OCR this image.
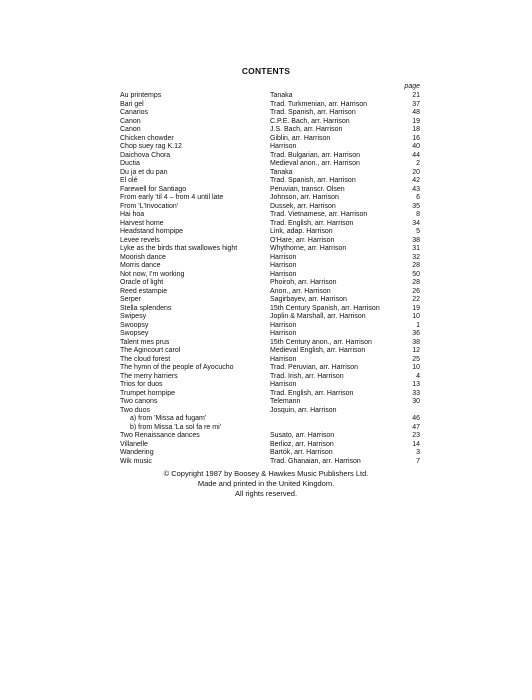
CONTENTS
page
Au printemps	Tanaka	21
Bari gel	Trad. Turkmenian, arr. Harrison	37
Canarios	Trad. Spanish, arr. Harrison	48
Canon	C.P.E. Bach, arr. Harrison	19
Canon	J.S. Bach, arr. Harrison	18
Chicken chowder	Giblin, arr. Harrison	16
Chop suey rag K.12	Harrison	40
Daichova Chora	Trad. Bulgarian, arr. Harrison	44
Ductia	Medieval anon., arr. Harrison	2
Du ja et du pan	Tanaka	20
El olé	Trad. Spanish, arr. Harrison	42
Farewell for Santiago	Peruvian, transcr. Olsen	43
From early 'til 4 – from 4 until late	Johnson, arr. Harrison	6
From 'L'Invocation'	Dussek, arr. Harrison	35
Hai hoa	Trad. Vietnamese, arr. Harrison	8
Harvest home	Trad. English, arr. Harrison	34
Headstand hornpipe	Link, adap. Harrison	5
Levee revels	O'Hare, arr. Harrison	38
Lyke as the birds that swallowes hight	Whythorne, arr. Harrison	31
Moorish dance	Harrison	32
Morris dance	Harrison	28
Not now, I'm working	Harrison	50
Oracle of light	Phoiroh, arr. Harrison	28
Reed estampie	Anon., arr. Harrison	26
Serper	Sagirbayev, arr. Harrison	22
Stella splendens	15th Century Spanish, arr. Harrison	19
Swipesy	Joplin & Marshall, arr. Harrison	10
Swoopsy	Harrison	1
Swopsey	Harrison	36
Talent mes prus	15th Century anon., arr. Harrison	38
The Agincourt carol	Medieval English, arr. Harrison	12
The cloud forest	Harrison	25
The hymn of the people of Ayocucho	Trad. Peruvian, arr. Harrison	10
The merry harriers	Trad. Irish, arr. Harrison	4
Trios for duos	Harrison	13
Trumpet hornpipe	Trad. English, arr. Harrison	33
Two canons	Telemann	30
Two duos	Josquin, arr. Harrison
a) from 'Missa ad fugam'	46
b) from Missa 'La sol fa re mi'	47
Two Renaissance dances	Susato, arr. Harrison	23
Villanelle	Berlioz, arr. Harrison	14
Wandering	Bartók, arr. Harrison	3
Wik music	Trad. Ghanaian, arr. Harrison	7
© Copyright 1987 by Boosey & Hawkes Music Publishers Ltd.
Made and printed in the United Kingdom.
All rights reserved.
